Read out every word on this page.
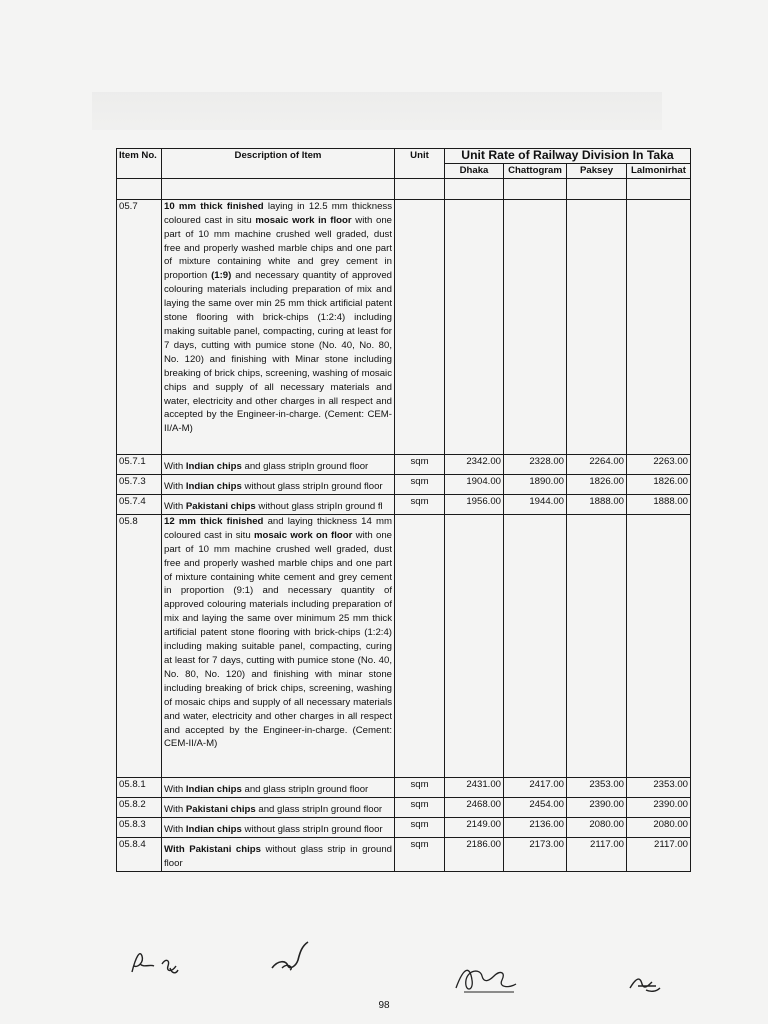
Item No.	Description of Item	Unit	Unit Rate of Railway Division In Taka			
			Dhaka	Chattogram	Paksey	Lalmonirhat

05.7	10 mm thick finished laying in 12.5 mm thickness coloured cast in situ mosaic work in floor with one part of 10 mm machine crushed well graded, dust free and properly washed marble chips and one part of mixture containing white and grey cement in proportion (1:9) and necessary quantity of approved colouring materials including preparation of mix and laying the same over min 25 mm thick artificial patent stone flooring with brick-chips (1:2:4) including making suitable panel, compacting, curing at least for 7 days, cutting with pumice stone (No. 40, No. 80, No. 120) and finishing with Minar stone including breaking of brick chips, screening, washing of mosaic chips and supply of all necessary materials and water, electricity and other charges in all respect and accepted by the Engineer-in-charge. (Cement: CEM-II/A-M)

05.7.1	With Indian chips and glass stripIn ground floor	sqm	2342.00	2328.00	2264.00	2263.00
05.7.3	With Indian chips without glass stripIn ground floor	sqm	1904.00	1890.00	1826.00	1826.00
05.7.4	With Pakistani chips without glass stripIn ground fl	sqm	1956.00	1944.00	1888.00	1888.00
05.8	12 mm thick finished and laying thickness 14 mm coloured cast in situ mosaic work on floor with one part of 10 mm machine crushed well graded, dust free and properly washed marble chips and one part of mixture containing white cement and grey cement in proportion (9:1) and necessary quantity of approved colouring materials including preparation of mix and laying the same over minimum 25 mm thick artificial patent stone flooring with brick-chips (1:2:4) including making suitable panel, compacting, curing at least for 7 days, cutting with pumice stone (No. 40, No. 80, No. 120) and finishing with minar stone including breaking of brick chips, screening, washing of mosaic chips and supply of all necessary materials and water, electricity and other charges in all respect and accepted by the Engineer-in-charge. (Cement: CEM-II/A-M)

05.8.1	With Indian chips and glass stripIn ground floor	sqm	2431.00	2417.00	2353.00	2353.00
05.8.2	With Pakistani chips and glass stripIn ground floor	sqm	2468.00	2454.00	2390.00	2390.00
05.8.3	With Indian chips without glass stripIn ground floor	sqm	2149.00	2136.00	2080.00	2080.00
05.8.4	With Pakistani chips without glass strip in ground floor	sqm	2186.00	2173.00	2117.00	2117.00
98
